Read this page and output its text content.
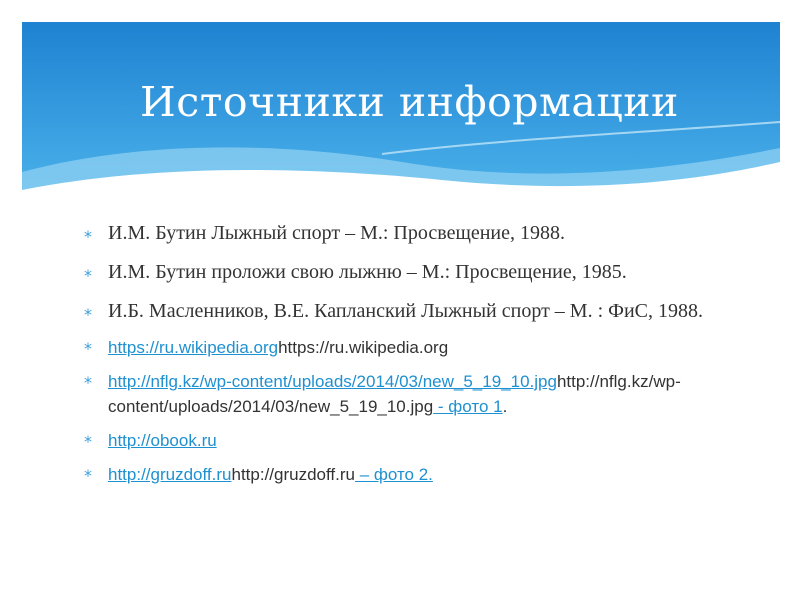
Источники информации
* И.М. Бутин Лыжный спорт – М.: Просвещение, 1988.
* И.М. Бутин проложи свою лыжню – М.: Просвещение, 1985.
* И.Б. Масленников, В.Е. Капланский Лыжный спорт – М. : ФиС, 1988.
* https://ru.wikipedia.orghttps://ru.wikipedia.org
* http://nflg.kz/wp-content/uploads/2014/03/new_5_19_10.jpghttp://nflg.kz/wp-content/uploads/2014/03/new_5_19_10.jpg - фото 1.
* http://obook.ru
* http://gruzdoff.ruhttp://gruzdoff.ru – фото 2.
